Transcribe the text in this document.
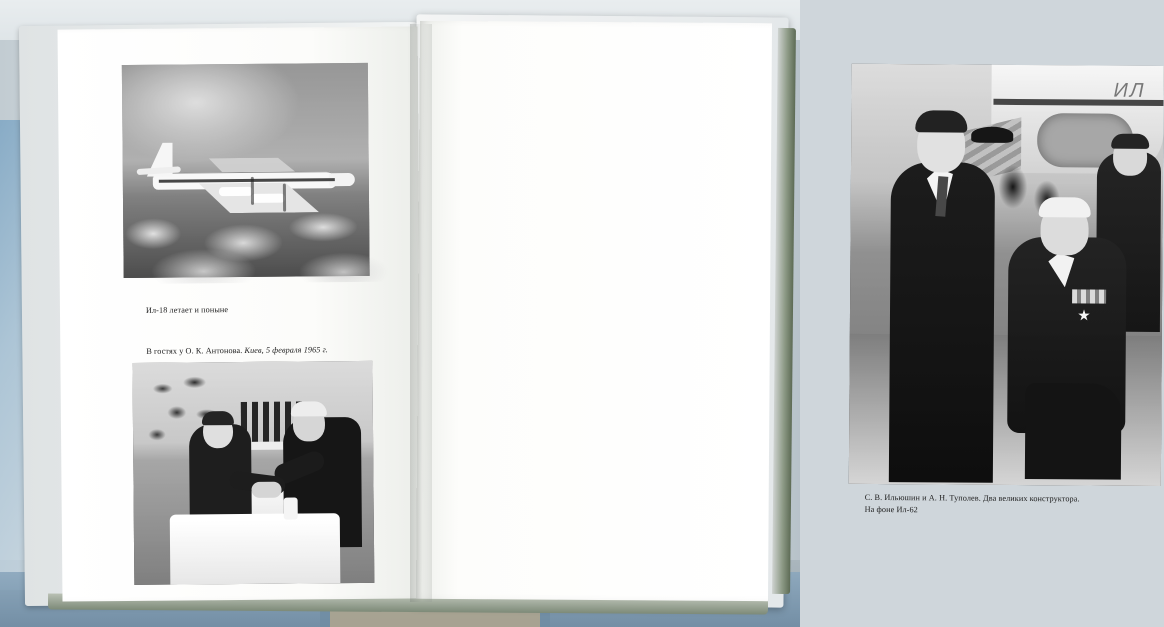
Ил-18 летает и поныне
В гостях у О. К. Антонова. Киев, 5 февраля 1965 г.
ИЛ
С. В. Ильюшин и А. Н. Туполев. Два великих конструктора.
На фоне Ил-62
